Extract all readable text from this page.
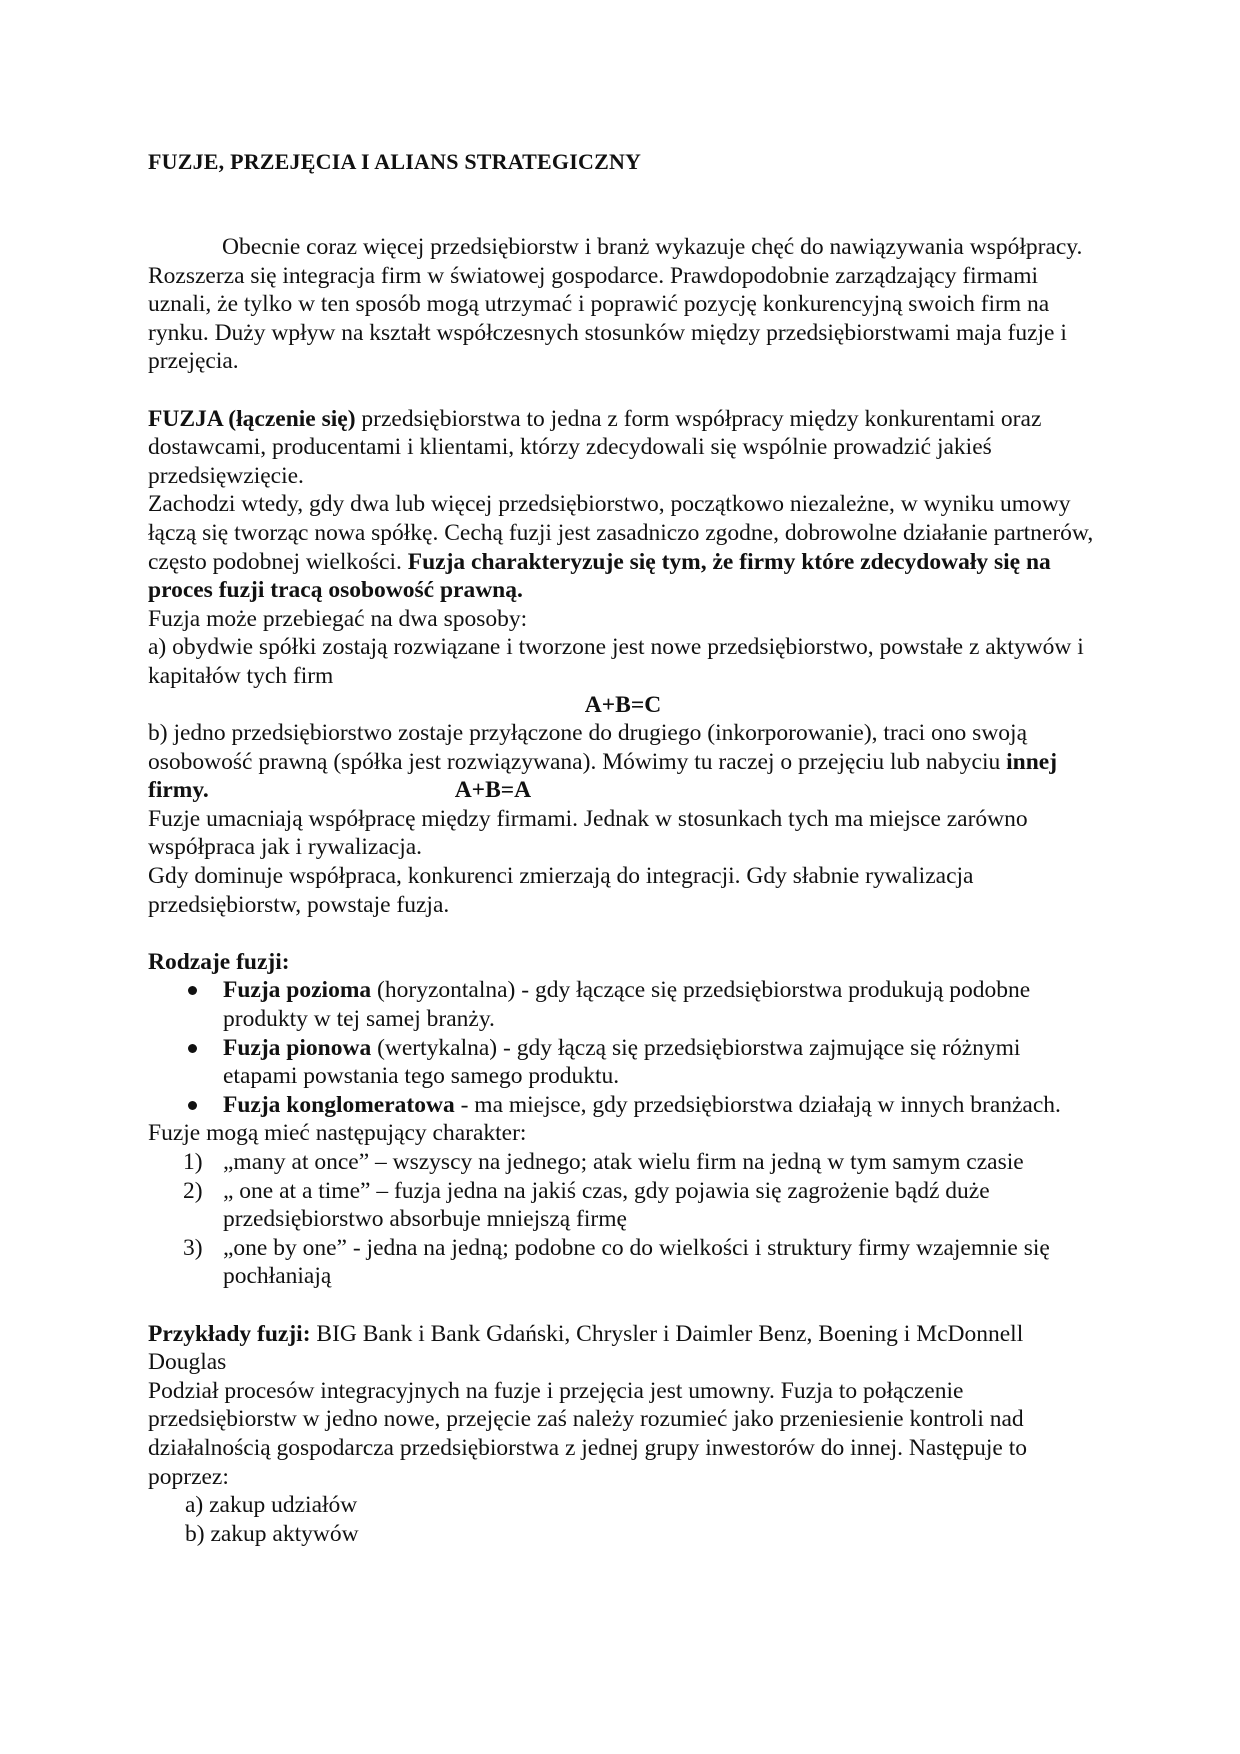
FUZJE, PRZEJĘCIA I ALIANS STRATEGICZNY

Obecnie coraz więcej przedsiębiorstw i branż wykazuje chęć do nawiązywania współpracy. Rozszerza się integracja firm w światowej gospodarce. Prawdopodobnie zarządzający firmami uznali, że tylko w ten sposób mogą utrzymać i poprawić pozycję konkurencyjną swoich firm na rynku. Duży wpływ na kształt współczesnych stosunków między przedsiębiorstwami maja fuzje i przejęcia.

FUZJA (łączenie się) przedsiębiorstwa to jedna z form współpracy między konkurentami oraz dostawcami, producentami i klientami, którzy zdecydowali się wspólnie prowadzić jakieś przedsięwzięcie.

Zachodzi wtedy, gdy dwa lub więcej przedsiębiorstwo, początkowo niezależne, w wyniku umowy łączą się tworząc nowa spółkę. Cechą fuzji jest zasadniczo zgodne, dobrowolne działanie partnerów, często podobnej wielkości. Fuzja charakteryzuje się tym, że firmy które zdecydowały się na proces fuzji tracą osobowość prawną.

Fuzja może przebiegać na dwa sposoby:

a) obydwie spółki zostają rozwiązane i tworzone jest nowe przedsiębiorstwo, powstałe z aktywów i kapitałów tych firm

A+B=C

b) jedno przedsiębiorstwo zostaje przyłączone do drugiego (inkorporowanie), traci ono swoją osobowość prawną (spółka jest rozwiązywana). Mówimy tu raczej o przejęciu lub nabyciu innej firmy.	A+B=A

Fuzje umacniają współpracę między firmami. Jednak w stosunkach tych ma miejsce zarówno współpraca jak i rywalizacja.

Gdy dominuje współpraca, konkurenci zmierzają do integracji. Gdy słabnie rywalizacja przedsiębiorstw, powstaje fuzja.

Rodzaje fuzji:

Fuzja pozioma (horyzontalna) - gdy łączące się przedsiębiorstwa produkują podobne produkty w tej samej branży.
Fuzja pionowa (wertykalna) - gdy łączą się przedsiębiorstwa zajmujące się różnymi etapami powstania tego samego produktu.
Fuzja konglomeratowa - ma miejsce, gdy przedsiębiorstwa działają w innych branżach.

Fuzje mogą mieć następujący charakter:

1) „many at once” – wszyscy na jednego; atak wielu firm na jedną w tym samym czasie
2) „ one at a time” – fuzja jedna na jakiś czas, gdy pojawia się zagrożenie bądź duże przedsiębiorstwo absorbuje mniejszą firmę
3) „one by one” - jedna na jedną; podobne co do wielkości i struktury firmy wzajemnie się pochłaniają

Przykłady fuzji: BIG Bank i Bank Gdański, Chrysler i Daimler Benz, Boening i McDonnell Douglas

Podział procesów integracyjnych na fuzje i przejęcia jest umowny. Fuzja to połączenie przedsiębiorstw w jedno nowe, przejęcie zaś należy rozumieć jako przeniesienie kontroli nad działalnością gospodarcza przedsiębiorstwa z jednej grupy inwestorów do innej. Następuje to poprzez:

a) zakup udziałów

b) zakup aktywów
